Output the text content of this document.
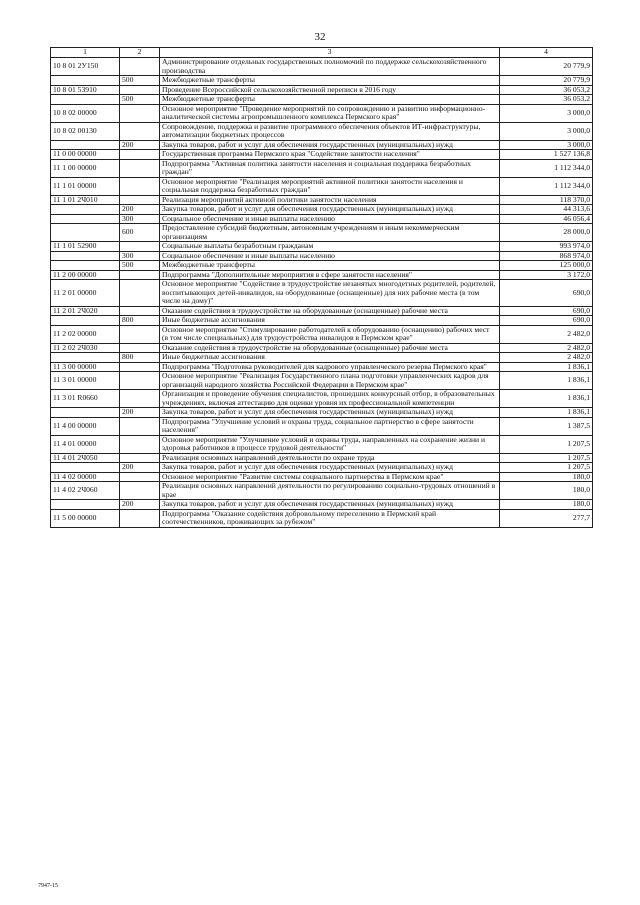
32
1	2	3	4
10 8 01 2У150		Администрирование отдельных государственных полномочий по поддержке сельскохозяйственного производства	20 779,9
	500	Межбюджетные трансферты	20 779,9
10 8 01 53910		Проведение Всероссийской сельскохозяйственной переписи в 2016 году	36 053,2
	500	Межбюджетные трансферты	36 053,2
10 8 02 00000		Основное мероприятие "Проведение мероприятий по сопровождению и развитию информационно-аналитической системы агропромышленного комплекса Пермского края"	3 000,0
10 8 02 00130		Сопровождение, поддержка и развитие программного обеспечения объектов ИТ-инфраструктуры, автоматизации бюджетных процессов	3 000,0
	200	Закупка товаров, работ и услуг для обеспечения государственных (муниципальных) нужд	3 000,0
11 0 00 00000		Государственная программа Пермского края "Содействие занятости населения"	1 527 136,8
11 1 00 00000		Подпрограмма "Активная политика занятости населения и социальная поддержка безработных граждан"	1 112 344,0
11 1 01 00000		Основное мероприятие "Реализация мероприятий активной политики занятости населения и социальная поддержка безработных граждан"	1 112 344,0
11 1 01 2Ч010		Реализация мероприятий активной политики занятости населения	118 370,0
	200	Закупка товаров, работ и услуг для обеспечения государственных (муниципальных) нужд	44 313,6
	300	Социальное обеспечение и иные выплаты населению	46 056,4
	600	Предоставление субсидий бюджетным, автономным учреждениям и иным некоммерческим организациям	28 000,0
11 1 01 52900		Социальные выплаты безработным гражданам	993 974,0
	300	Социальное обеспечение и иные выплаты населению	868 974,0
	500	Межбюджетные трансферты	125 000,0
11 2 00 00000		Подпрограмма "Дополнительные мероприятия в сфере занятости населения"	3 172,0
11 2 01 00000		Основное мероприятие "Содействие в трудоустройстве незанятых многодетных родителей, родителей, воспитывающих детей-инвалидов, на оборудованные (оснащенные) для них рабочие места (в том числе на дому)"	690,0
11 2 01 2Ч020		Оказание содействия в трудоустройстве на оборудованные (оснащенные) рабочие места	690,0
	800	Иные бюджетные ассигнования	690,0
11 2 02 00000		Основное мероприятие "Стимулирование работодателей к оборудованию (оснащению) рабочих мест (в том числе специальных) для трудоустройства инвалидов в Пермском крае"	2 482,0
11 2 02 2Ч030		Оказание содействия в трудоустройстве на оборудованные (оснащенные) рабочие места	2 482,0
	800	Иные бюджетные ассигнования	2 482,0
11 3 00 00000		Подпрограмма "Подготовка руководителей для кадрового управленческого резерва Пермского края"	1 836,1
11 3 01 00000		Основное мероприятие "Реализация Государственного плана подготовки управленческих кадров для организаций народного хозяйства Российской Федерации в Пермском крае"	1 836,1
11 3 01 R0660		Организация и проведение обучения специалистов, прошедших конкурсный отбор, в образовательных учреждениях, включая аттестацию для оценки уровня их профессиональной компетенции	1 836,1
	200	Закупка товаров, работ и услуг для обеспечения государственных (муниципальных) нужд	1 836,1
11 4 00 00000		Подпрограмма "Улучшение условий и охраны труда, социальное партнерство в сфере занятости населения"	1 387,5
11 4 01 00000		Основное мероприятие "Улучшение условий и охраны труда, направленных на сохранение жизни и здоровья работников в процессе трудовой деятельности"	1 207,5
11 4 01 2Ч050		Реализация основных направлений деятельности по охране труда	1 207,5
	200	Закупка товаров, работ и услуг для обеспечения государственных (муниципальных) нужд	1 207,5
11 4 02 00000		Основное мероприятие "Развитие системы социального партнерства в Пермском крае"	180,0
11 4 02 2Ч060		Реализация основных направлений деятельности по регулированию социально-трудовых отношений в крае	180,0
	200	Закупка товаров, работ и услуг для обеспечения государственных (муниципальных) нужд	180,0
11 5 00 00000		Подпрограмма "Оказание содействия добровольному переселению в Пермский край соотечественников, проживающих за рубежом"	277,7
7947-15
